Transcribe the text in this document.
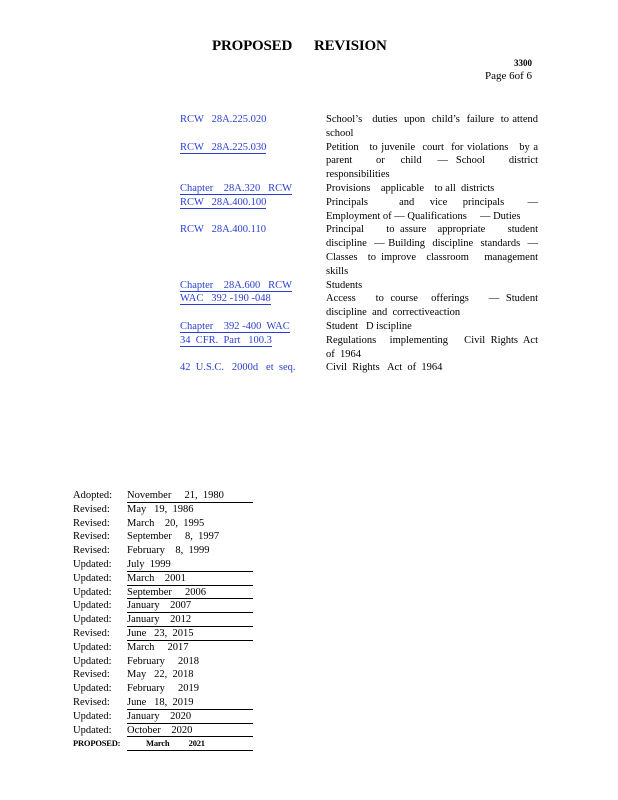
PROPOSED REVISION
3300
Page 6of 6
RCW   28A.225.020	School’s   duties  upon  child’s  failure  to attend school
RCW   28A.225.030	Petition   to juvenile  court  for violations   by a parent   or  child  — School   district responsibilities
Chapter    28A.320   RCW	Provisions    applicable    to all  districts
RCW   28A.400.100	Principals    and  vice  principals   — Employment of — Qualifications     — Duties
RCW   28A.400.110	Principal    to assure  appropriate    student discipline  — Building  discipline  standards  — Classes  to improve  classroom   management skills
Chapter    28A.600   RCW	Students
WAC   392 -190 -048	Access   to course  offerings   — Student discipline  and  correctiveaction
Chapter    392 -400  WAC	Student   D iscipline
34  CFR.  Part   100.3	Regulations     implementing      Civil  Rights  Act of  1964
42  U.S.C.   2000d   et  seq.	Civil  Rights   Act  of  1964
Adopted:	November     21,  1980
Revised:	May   19,  1986
Revised:	March    20,  1995
Revised:	September     8,  1997
Revised:	February    8,  1999
Updated:	July  1999
Updated:	March    2001
Updated:	September     2006
Updated:	January    2007
Updated:	January    2012
Revised:	June   23,  2015
Updated:	March     2017
Updated:	February     2018
Revised:	May   22,  2018
Updated:	February     2019
Revised:	June   18,  2019
Updated:	January    2020
Updated:	October    2020
PROPOSED:	March          2021
